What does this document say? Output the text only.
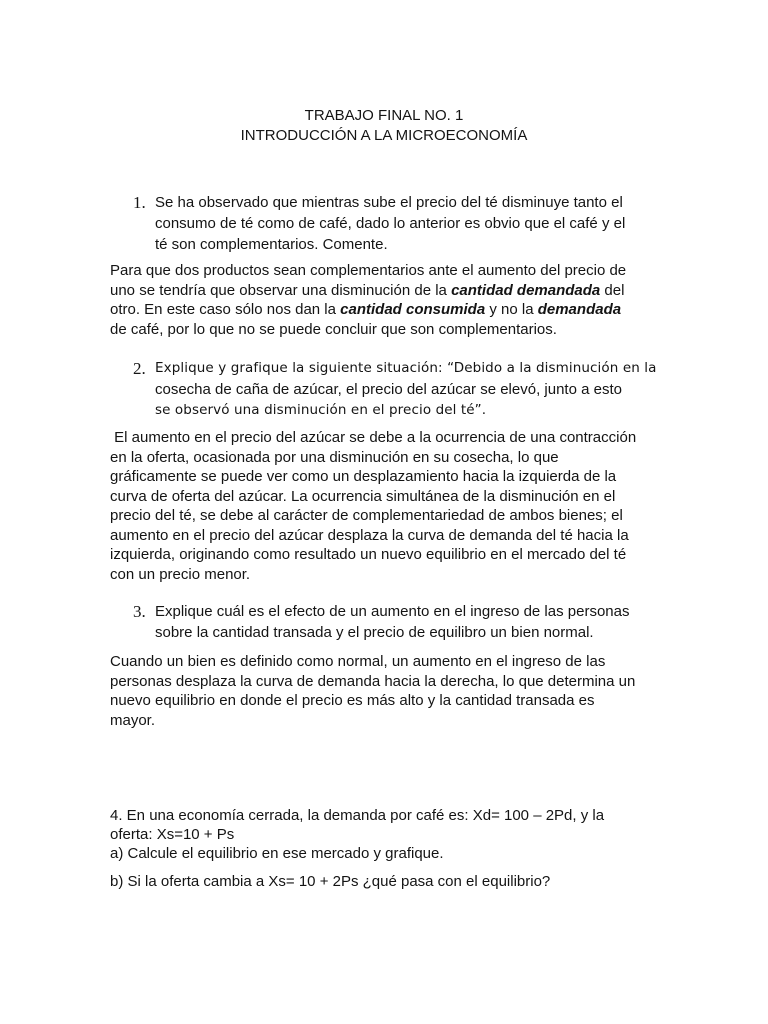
TRABAJO FINAL NO. 1
INTRODUCCIÓN A LA MICROECONOMÍA
1. Se ha observado que mientras sube el precio del té disminuye tanto el
consumo de té como de café, dado lo anterior es obvio que el café y el
té son complementarios. Comente.
Para que dos productos sean complementarios ante el aumento del precio de
uno se tendría que observar una disminución de la cantidad demandada del
otro. En este caso sólo nos dan la cantidad consumida y no la demandada
de café, por lo que no se puede concluir que son complementarios.
2. Explique y grafique la siguiente situación: “Debido a la disminución en la
cosecha de caña de azúcar, el precio del azúcar se elevó, junto a esto
se observó una disminución en el precio del té”.
El aumento en el precio del azúcar se debe a la ocurrencia de una contracción
en la oferta, ocasionada por una disminución en su cosecha, lo que
gráficamente se puede ver como un desplazamiento hacia la izquierda de la
curva de oferta del azúcar. La ocurrencia simultánea de la disminución en el
precio del té, se debe al carácter de complementariedad de ambos bienes; el
aumento en el precio del azúcar desplaza la curva de demanda del té hacia la
izquierda, originando como resultado un nuevo equilibrio en el mercado del té
con un precio menor.
3. Explique cuál es el efecto de un aumento en el ingreso de las personas
sobre la cantidad transada y el precio de equilibro un bien normal.
Cuando un bien es definido como normal, un aumento en el ingreso de las
personas desplaza la curva de demanda hacia la derecha, lo que determina un
nuevo equilibrio en donde el precio es más alto y la cantidad transada es
mayor.
4. En una economía cerrada, la demanda por café es: Xd= 100 – 2Pd, y la
oferta: Xs=10 + Ps
a) Calcule el equilibrio en ese mercado y grafique.
b) Si la oferta cambia a Xs= 10 + 2Ps ¿qué pasa con el equilibrio?
